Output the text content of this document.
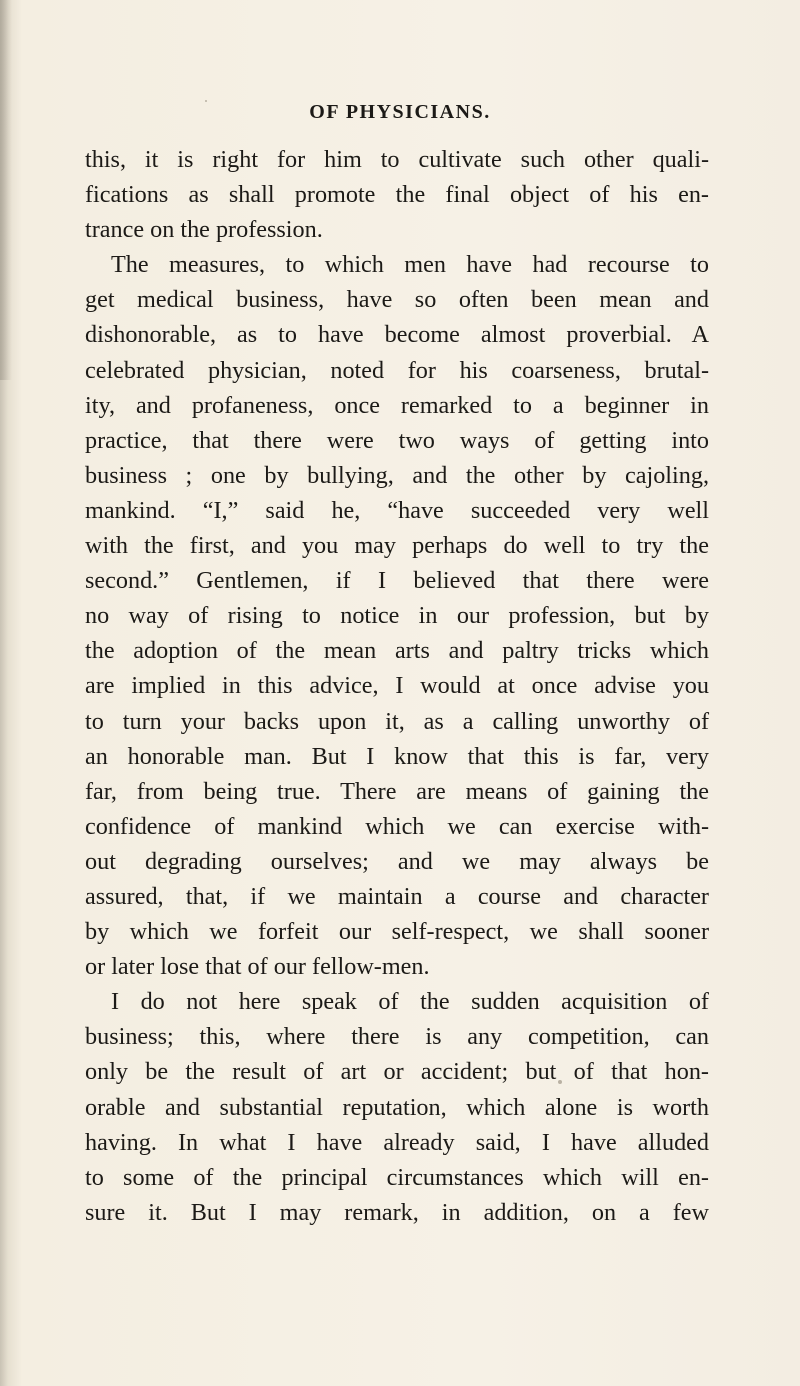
OF PHYSICIANS.
this, it is right for him to cultivate such other quali-
fications as shall promote the final object of his en-
trance on the profession.
The measures, to which men have had recourse to
get medical business, have so often been mean and
dishonorable, as to have become almost proverbial. A
celebrated physician, noted for his coarseness, brutal-
ity, and profaneness, once remarked to a beginner in
practice, that there were two ways of getting into
business ; one by bullying, and the other by cajoling,
mankind. “I,” said he, “have succeeded very well
with the first, and you may perhaps do well to try the
second.” Gentlemen, if I believed that there were
no way of rising to notice in our profession, but by
the adoption of the mean arts and paltry tricks which
are implied in this advice, I would at once advise you
to turn your backs upon it, as a calling unworthy of
an honorable man. But I know that this is far, very
far, from being true. There are means of gaining the
confidence of mankind which we can exercise with-
out degrading ourselves; and we may always be
assured, that, if we maintain a course and character
by which we forfeit our self-respect, we shall sooner
or later lose that of our fellow-men.
I do not here speak of the sudden acquisition of
business; this, where there is any competition, can
only be the result of art or accident; but of that hon-
orable and substantial reputation, which alone is worth
having. In what I have already said, I have alluded
to some of the principal circumstances which will en-
sure it. But I may remark, in addition, on a few
